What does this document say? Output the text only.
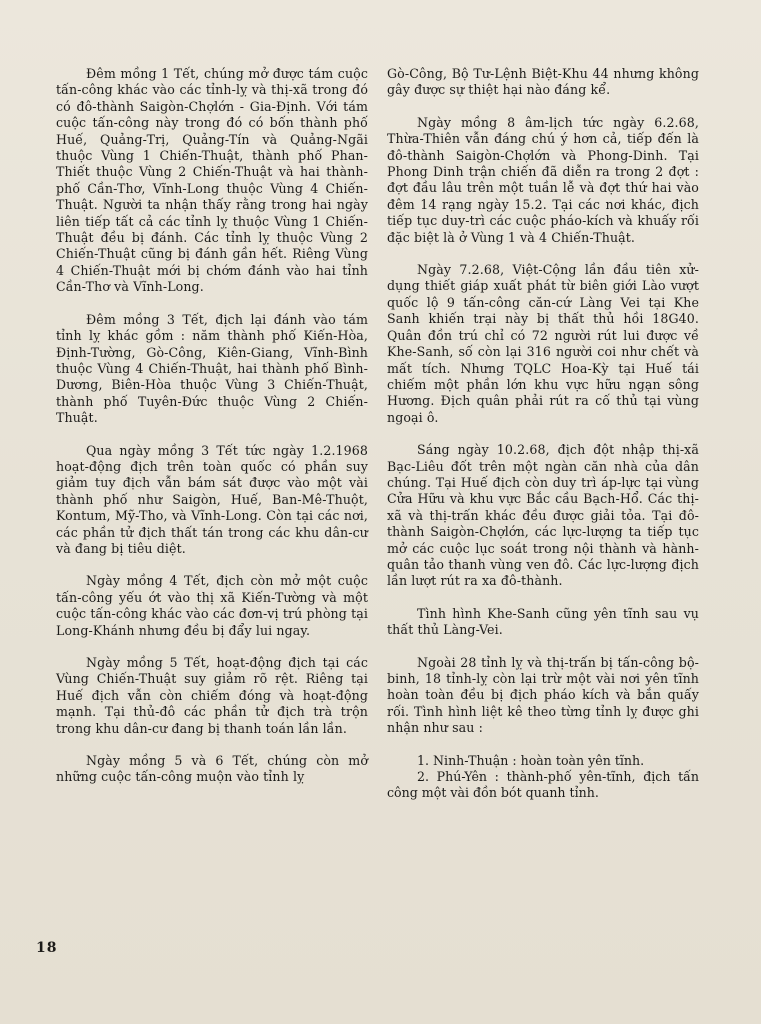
Đêm mồng 1 Tết, chúng mở được tám cuộc tấn-công khác vào các tỉnh-lỵ và thị-xã trong đó có đô-thành Saigòn-Chợlớn - Gia-Định. Với tám cuộc tấn-công này trong đó có bốn thành phố Huế, Quảng-Trị, Quảng-Tín và Quảng-Ngãi thuộc Vùng 1 Chiến-Thuật, thành phố Phan-Thiết thuộc Vùng 2 Chiến-Thuật và hai thành-phố Cần-Thơ, Vĩnh-Long thuộc Vùng 4 Chiến-Thuật. Người ta nhận thấy rằng trong hai ngày liên tiếp tất cả các tỉnh lỵ thuộc Vùng 1 Chiến-Thuật đều bị đánh. Các tỉnh lỵ thuộc Vùng 2 Chiến-Thuật cũng bị đánh gần hết. Riêng Vùng 4 Chiến-Thuật mới bị chớm đánh vào hai tỉnh Cần-Thơ và Vĩnh-Long.

Đêm mồng 3 Tết, địch lại đánh vào tám tỉnh lỵ khác gồm : năm thành phố Kiến-Hòa, Định-Tường, Gò-Công, Kiên-Giang, Vĩnh-Bình thuộc Vùng 4 Chiến-Thuật, hai thành phố Bình-Dương, Biên-Hòa thuộc Vùng 3 Chiến-Thuật, thành phố Tuyên-Đức thuộc Vùng 2 Chiến-Thuật.

Qua ngày mồng 3 Tết tức ngày 1.2.1968 hoạt-động địch trên toàn quốc có phần suy giảm tuy địch vẫn bám sát được vào một vài thành phố như Saigòn, Huế, Ban-Mê-Thuột, Kontum, Mỹ-Tho, và Vĩnh-Long. Còn tại các nơi, các phần tử địch thất tán trong các khu dân-cư và đang bị tiêu diệt.

Ngày mồng 4 Tết, địch còn mở một cuộc tấn-công yếu ớt vào thị xã Kiến-Tường và một cuộc tấn-công khác vào các đơn-vị trú phòng tại Long-Khánh nhưng đều bị đẩy lui ngay.

Ngày mồng 5 Tết, hoạt-động địch tại các Vùng Chiến-Thuật suy giảm rõ rệt. Riêng tại Huế địch vẫn còn chiếm đóng và hoạt-động mạnh. Tại thủ-đô các phần tử địch trà trộn trong khu dân-cư đang bị thanh toán lần lần.

Ngày mồng 5 và 6 Tết, chúng còn mở những cuộc tấn-công muộn vào tỉnh lỵ

Gò-Công, Bộ Tư-Lệnh Biệt-Khu 44 nhưng không gây được sự thiệt hại nào đáng kể.

Ngày mồng 8 âm-lịch tức ngày 6.2.68, Thừa-Thiên vẫn đáng chú ý hơn cả, tiếp đến là đô-thành Saigòn-Chợlớn và Phong-Dinh. Tại Phong Dinh trận chiến đã diễn ra trong 2 đợt : đợt đầu lâu trên một tuần lễ và đợt thứ hai vào đêm 14 rạng ngày 15.2. Tại các nơi khác, địch tiếp tục duy-trì các cuộc pháo-kích và khuấy rối đặc biệt là ở Vùng 1 và 4 Chiến-Thuật.

Ngày 7.2.68, Việt-Cộng lần đầu tiên xử-dụng thiết giáp xuất phát từ biên giới Lào vượt quốc lộ 9 tấn-công căn-cứ Làng Vei tại Khe Sanh khiến trại này bị thất thủ hồi 18G40. Quân đồn trú chỉ có 72 người rút lui được về Khe-Sanh, số còn lại 316 người coi như chết và mất tích. Nhưng TQLC Hoa-Kỳ tại Huế tái chiếm một phần lớn khu vực hữu ngạn sông Hương. Địch quân phải rút ra cố thủ tại vùng ngoại ô.

Sáng ngày 10.2.68, địch đột nhập thị-xã Bạc-Liêu đốt trên một ngàn căn nhà của dân chúng. Tại Huế địch còn duy trì áp-lực tại vùng Cửa Hữu và khu vực Bắc cầu Bạch-Hổ. Các thị-xã và thị-trấn khác đều được giải tỏa. Tại đô-thành Saigòn-Chợlớn, các lực-lượng ta tiếp tục mở các cuộc lục soát trong nội thành và hành-quân tảo thanh vùng ven đô. Các lực-lượng địch lần lượt rút ra xa đô-thành.

Tình hình Khe-Sanh cũng yên tĩnh sau vụ thất thủ Làng-Vei.

Ngoài 28 tỉnh lỵ và thị-trấn bị tấn-công bộ-binh, 18 tỉnh-lỵ còn lại trừ một vài nơi yên tĩnh hoàn toàn đều bị địch pháo kích và bắn quấy rối. Tình hình liệt kê theo từng tỉnh lỵ được ghi nhận như sau :

1. Ninh-Thuận : hoàn toàn yên tĩnh.

2. Phú-Yên : thành-phố yên-tĩnh, địch tấn công một vài đồn bót quanh tỉnh.

18
